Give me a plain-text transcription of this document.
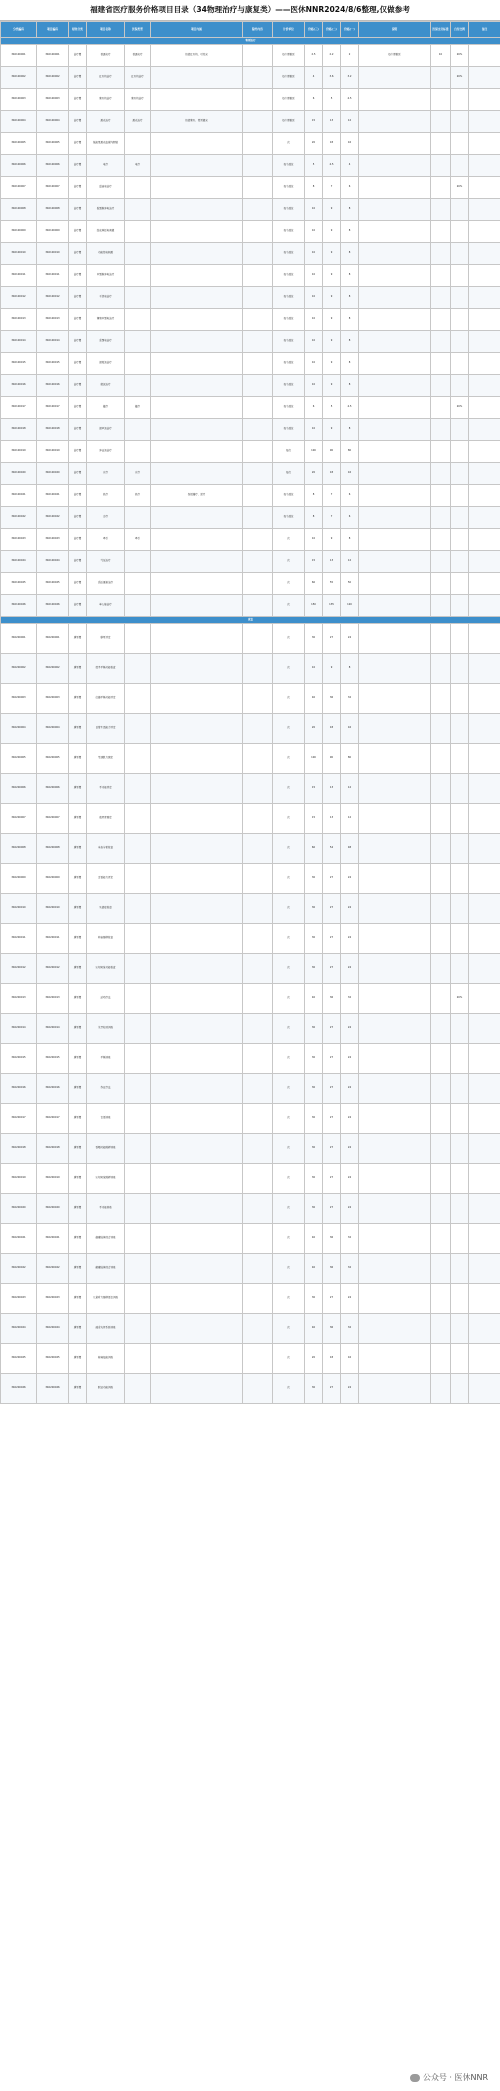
福建省医疗服务价格项目目录（34物理治疗与康复类）——医休NNR2024/8/6整理,仅做参考
分类编码	项目编码	财务分类	项目名称	医保类型	项目内涵	除外内容	计价单位	价格(三)	价格(二)	价格(一)	说明	医保支付标准	自付比例	备注
物理治疗														
340100001	340100001	治疗费	普通光疗	普通光疗	包括红外线、可见光		每个照射区	2.5	2.2	2	每个照射区	10	20%	
340100002	340100002	治疗费	红外线治疗	红外线治疗			每个照射区	4	3.6	3.2			20%	
340100003	340100003	治疗费	紫外线治疗	紫外线治疗			每个照射区	6	5	4.5				
340100004	340100004	治疗费	激光治疗	激光治疗	包括紫外、氦氖激光		每个照射区	15	13	12				
340100005	340100005	治疗费	低能量激光血管内照射				次	20	18	16				
340100006	340100006	治疗费	电疗	电疗			每个部位	5	4.5	4				
340100007	340100007	治疗费	直流电治疗				每个部位	8	7	6			20%	
340100008	340100008	治疗费	低频脉冲电治疗				每个部位	10	9	8				
340100009	340100009	治疗费	经皮神经电刺激				每个部位	10	9	8				
340100010	340100010	治疗费	功能性电刺激				每个部位	10	9	8				
340100011	340100011	治疗费	中频脉冲电治疗				每个部位	10	9	8				
340100012	340100012	治疗费	干扰电治疗				每个部位	10	9	8				
340100013	340100013	治疗费	调制中频电治疗				每个部位	10	9	8				
340100014	340100014	治疗费	高频电治疗				每个部位	10	9	8				
340100015	340100015	治疗费	超短波治疗				每个部位	10	9	8				
340100016	340100016	治疗费	微波治疗				每个部位	10	9	8				
340100017	340100017	治疗费	磁疗	磁疗			每个部位	6	5	4.5			20%	
340100018	340100018	治疗费	超声波治疗				每个部位	10	9	8				
340100019	340100019	治疗费	冲击波治疗				每次	100	90	80				
340100020	340100020	治疗费	水疗	水疗			每次	20	18	16				
340100021	340100021	治疗费	热疗	热疗	包括蜡疗、泥疗		每个部位	8	7	6				
340100022	340100022	治疗费	冷疗				每个部位	8	7	6				
340100023	340100023	治疗费	牵引	牵引			次	10	9	8				
340100024	340100024	治疗费	气压治疗				次	15	13	12				
340100025	340100025	治疗费	高压氧舱治疗				次	60	55	50				
340100026	340100026	治疗费	单人舱治疗				次	150	135	120				
康复														
340200001	340200001	康复费	康复评定				次	30	27	24				
340200002	340200002	康复费	徒手平衡功能检查				次	10	9	8				
340200003	340200003	康复费	仪器平衡功能评定				次	40	36	32				
340200004	340200004	康复费	日常生活能力评定				次	20	18	16				
340200005	340200005	康复费	等速肌力测定				次	100	90	80				
340200006	340200006	康复费	手功能评定				次	15	13	12				
340200007	340200007	康复费	疲劳度测定				次	15	13	12				
340200008	340200008	康复费	步态分析检查				次	60	54	48				
340200009	340200009	康复费	言语能力评定				次	30	27	24				
340200010	340200010	康复费	失语症检查				次	30	27	24				
340200011	340200011	康复费	构音障碍检查				次	30	27	24				
340200012	340200012	康复费	认知知觉功能检查				次	30	27	24				
340200013	340200013	康复费	运动疗法				次	40	36	32			20%	
340200014	340200014	康复费	关节松动训练				次	30	27	24				
340200015	340200015	康复费	平衡训练				次	30	27	24				
340200016	340200016	康复费	作业疗法				次	30	27	24				
340200017	340200017	康复费	言语训练				次	30	27	24				
340200018	340200018	康复费	吞咽功能障碍训练				次	30	27	24				
340200019	340200019	康复费	认知知觉障碍训练				次	30	27	24				
340200020	340200020	康复费	手功能训练				次	30	27	24				
340200021	340200021	康复费	偏瘫肢体综合训练				次	40	36	32				
340200022	340200022	康复费	截瘫肢体综合训练				次	40	36	32				
340200023	340200023	康复费	儿童听力障碍语言训练				次	30	27	24				
340200024	340200024	康复费	减重支持系统训练				次	40	36	32				
340200025	340200025	康复费	轮椅技能训练				次	20	18	16				
340200026	340200026	康复费	职业功能训练				次	30	27	24				
公众号 · 医休NNR
